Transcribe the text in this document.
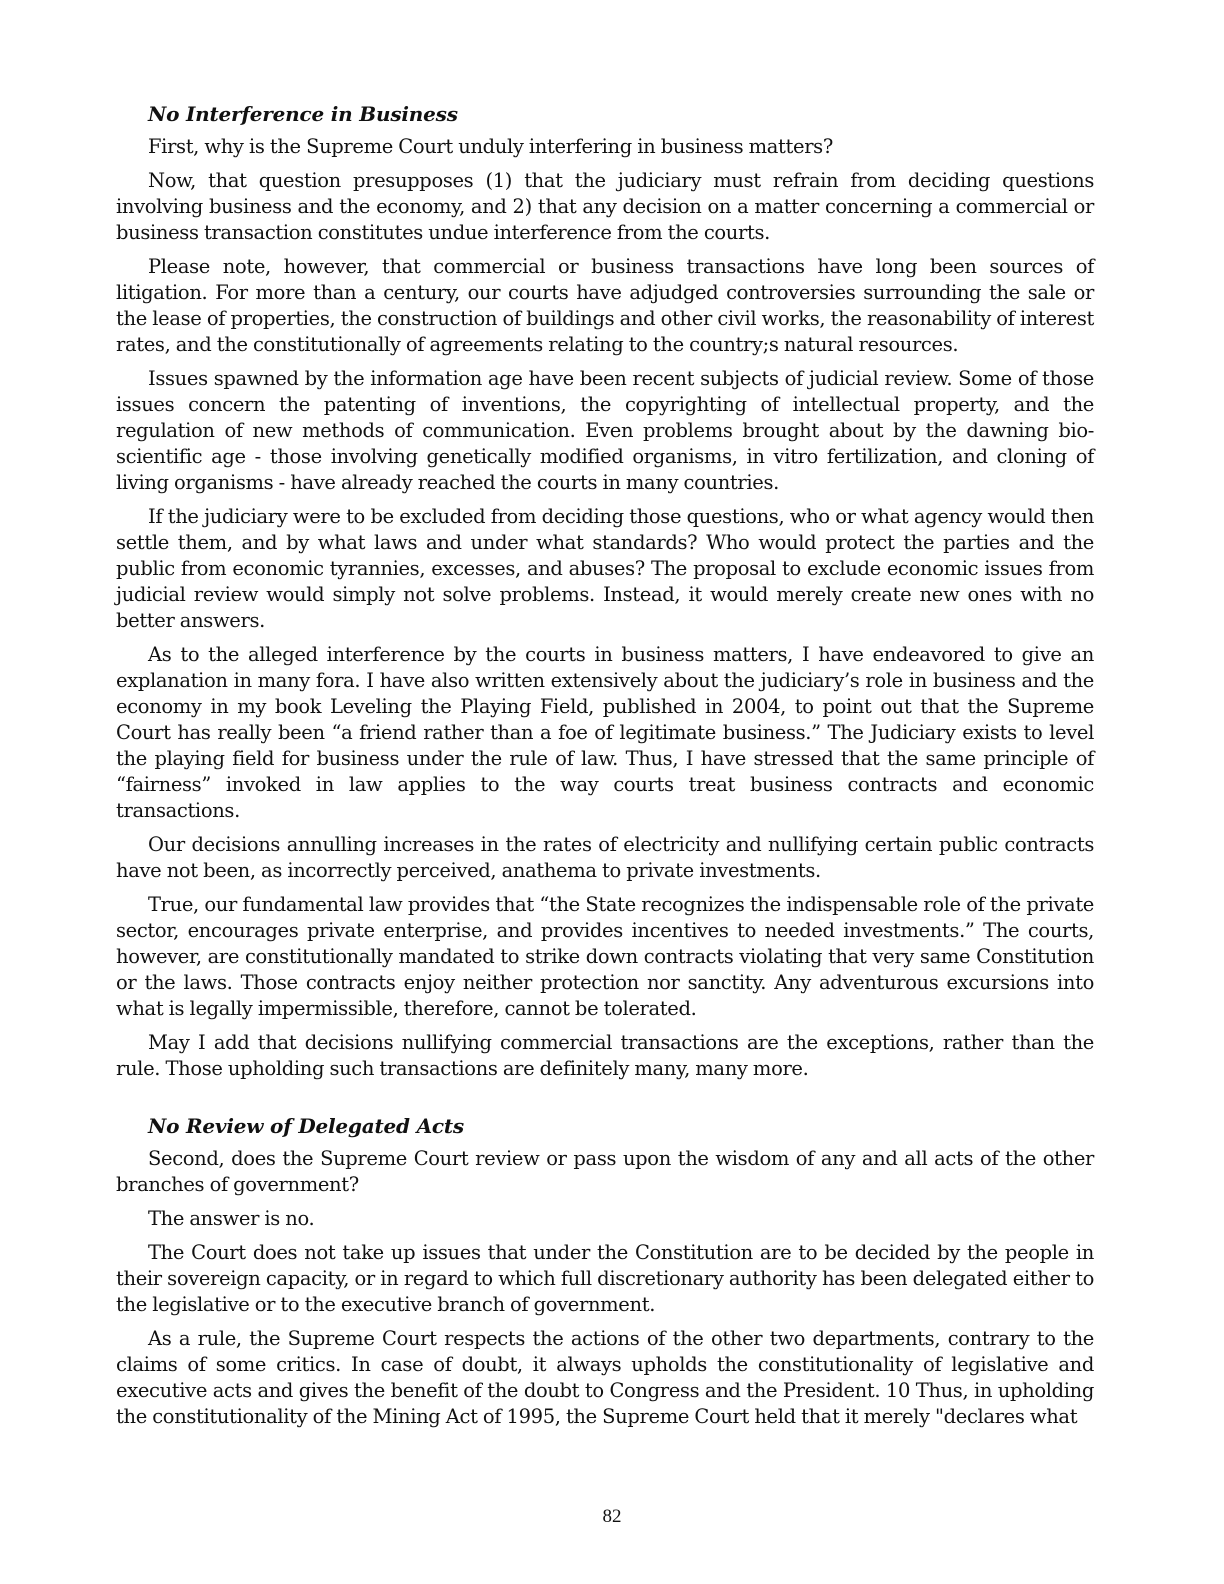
No Interference in Business

First, why is the Supreme Court unduly interfering in business matters?

Now, that question presupposes (1) that the judiciary must refrain from deciding questions involving business and the economy, and 2) that any decision on a matter concerning a commercial or business transaction constitutes undue interference from the courts.

Please note, however, that commercial or business transactions have long been sources of litigation. For more than a century, our courts have adjudged controversies surrounding the sale or the lease of properties, the construction of buildings and other civil works, the reasonability of interest rates, and the constitutionally of agreements relating to the country;s natural resources.

Issues spawned by the information age have been recent subjects of judicial review. Some of those issues concern the patenting of inventions, the copyrighting of intellectual property, and the regulation of new methods of communication. Even problems brought about by the dawning bio-scientific age - those involving genetically modified organisms, in vitro fertilization, and cloning of living organisms - have already reached the courts in many countries.

If the judiciary were to be excluded from deciding those questions, who or what agency would then settle them, and by what laws and under what standards? Who would protect the parties and the public from economic tyrannies, excesses, and abuses? The proposal to exclude economic issues from judicial review would simply not solve problems. Instead, it would merely create new ones with no better answers.

As to the alleged interference by the courts in business matters, I have endeavored to give an explanation in many fora. I have also written extensively about the judiciary’s role in business and the economy in my book Leveling the Playing Field, published in 2004, to point out that the Supreme Court has really been “a friend rather than a foe of legitimate business.” The Judiciary exists to level the playing field for business under the rule of law. Thus, I have stressed that the same principle of “fairness” invoked in law applies to the way courts treat business contracts and economic transactions.

Our decisions annulling increases in the rates of electricity and nullifying certain public contracts have not been, as incorrectly perceived, anathema to private investments.

True, our fundamental law provides that “the State recognizes the indispensable role of the private sector, encourages private enterprise, and provides incentives to needed investments.” The courts, however, are constitutionally mandated to strike down contracts violating that very same Constitution or the laws. Those contracts enjoy neither protection nor sanctity. Any adventurous excursions into what is legally impermissible, therefore, cannot be tolerated.

May I add that decisions nullifying commercial transactions are the exceptions, rather than the rule. Those upholding such transactions are definitely many, many more.

No Review of Delegated Acts

Second, does the Supreme Court review or pass upon the wisdom of any and all acts of the other branches of government?

The answer is no.

The Court does not take up issues that under the Constitution are to be decided by the people in their sovereign capacity, or in regard to which full discretionary authority has been delegated either to the legislative or to the executive branch of government.

As a rule, the Supreme Court respects the actions of the other two departments, contrary to the claims of some critics. In case of doubt, it always upholds the constitutionality of legislative and executive acts and gives the benefit of the doubt to Congress and the President. 10 Thus, in upholding the constitutionality of the Mining Act of 1995, the Supreme Court held that it merely "declares what

82
